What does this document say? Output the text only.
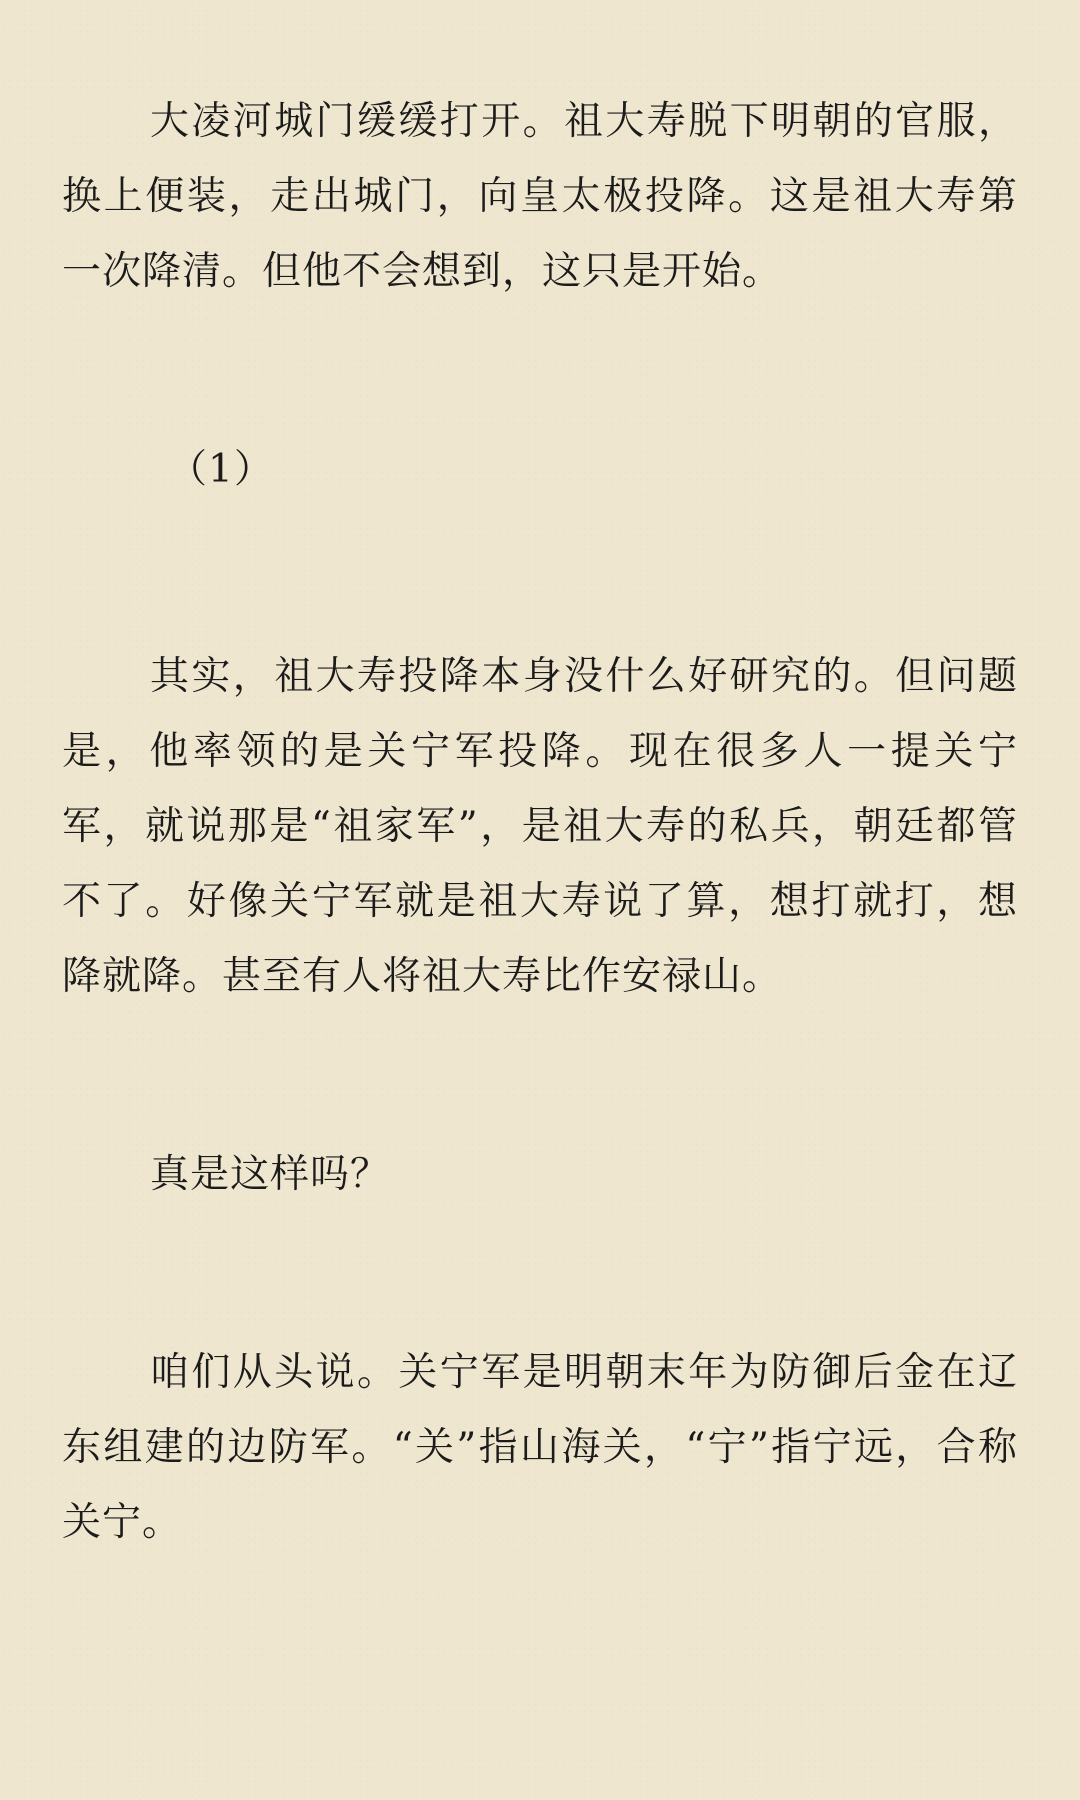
大凌河城门缓缓打开。祖大寿脱下明朝的官服，换上便装，走出城门，向皇太极投降。这是祖大寿第一次降清。但他不会想到，这只是开始。

（1）

其实，祖大寿投降本身没什么好研究的。但问题是，他率领的是关宁军投降。现在很多人一提关宁军，就说那是“祖家军”，是祖大寿的私兵，朝廷都管不了。好像关宁军就是祖大寿说了算，想打就打，想降就降。甚至有人将祖大寿比作安禄山。

真是这样吗？

咱们从头说。关宁军是明朝末年为防御后金在辽东组建的边防军。“关”指山海关，“宁”指宁远，合称关宁。
